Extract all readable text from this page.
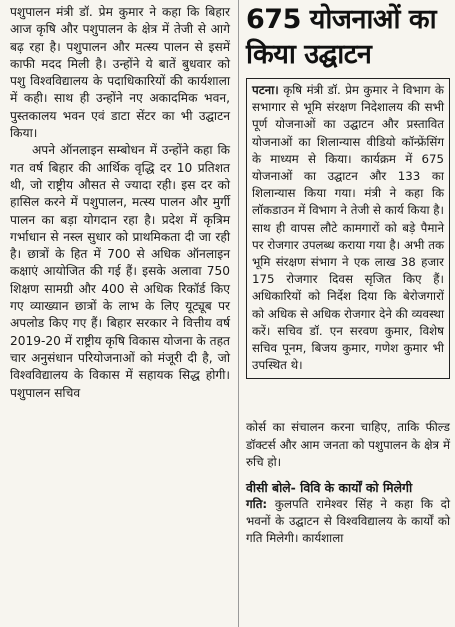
पशुपालन मंत्री डॉ. प्रेम कुमार ने कहा कि बिहार आज कृषि और पशुपालन के क्षेत्र में तेजी से आगे बढ़ रहा है। पशुपालन और मत्स्य पालन से इसमें काफी मदद मिली है। उन्होंने ये बातें बुधवार को पशु विश्वविद्यालय के पदाधिकारियों की कार्यशाला में कही। साथ ही उन्होंने नए अकादमिक भवन, पुस्तकालय भवन एवं डाटा सेंटर का भी उद्घाटन किया।

अपने ऑनलाइन सम्बोधन में उन्होंने कहा कि गत वर्ष बिहार की आर्थिक वृद्धि दर 10 प्रतिशत थी, जो राष्ट्रीय औसत से ज्यादा रही। इस दर को हासिल करने में पशुपालन, मत्स्य पालन और मुर्गी पालन का बड़ा योगदान रहा है। प्रदेश में कृत्रिम गर्भाधान से नस्ल सुधार को प्राथमिकता दी जा रही है। छात्रों के हित में 700 से अधिक ऑनलाइन कक्षाएं आयोजित की गई हैं। इसके अलावा 750 शिक्षण सामग्री और 400 से अधिक रिकॉर्ड किए गए व्याख्यान छात्रों के लाभ के लिए यूट्यूब पर अपलोड किए गए हैं। बिहार सरकार ने वित्तीय वर्ष 2019-20 में राष्ट्रीय कृषि विकास योजना के तहत चार अनुसंधान परियोजनाओं को मंजूरी दी है, जो विश्वविद्यालय के विकास में सहायक सिद्ध होगी। पशुपालन सचिव

675 योजनाओं का
किया उद्घाटन
पटना। कृषि मंत्री डॉ. प्रेम कुमार ने विभाग के सभागार से भूमि संरक्षण निदेशालय की सभी पूर्ण योजनाओं का उद्घाटन और प्रस्तावित योजनाओं का शिलान्यास वीडियो कॉन्फ्रेंसिंग के माध्यम से किया। कार्यक्रम में 675 योजनाओं का उद्घाटन और 133 का शिलान्यास किया गया। मंत्री ने कहा कि लॉकडाउन में विभाग ने तेजी से कार्य किया है। साथ ही वापस लौटे कामगारों को बड़े पैमाने पर रोजगार उपलब्ध कराया गया है। अभी तक भूमि संरक्षण संभाग ने एक लाख 38 हजार 175 रोजगार दिवस सृजित किए हैं। अधिकारियों को निर्देश दिया कि बेरोजगारों को अधिक से अधिक रोजगार देने की व्यवस्था करें। सचिव डॉ. एन सरवण कुमार, विशेष सचिव पूनम, बिजय कुमार, गणेश कुमार भी उपस्थित थे।

कोर्स का संचालन करना चाहिए, ताकि फील्ड डॉक्टर्स और आम जनता को पशुपालन के क्षेत्र में रुचि हो।

वीसी बोले- विवि के कार्यों को मिलेगी

गति: कुलपति रामेश्वर सिंह ने कहा कि दो भवनों के उद्घाटन से विश्वविद्यालय के कार्यों को गति मिलेगी। कार्यशाला
